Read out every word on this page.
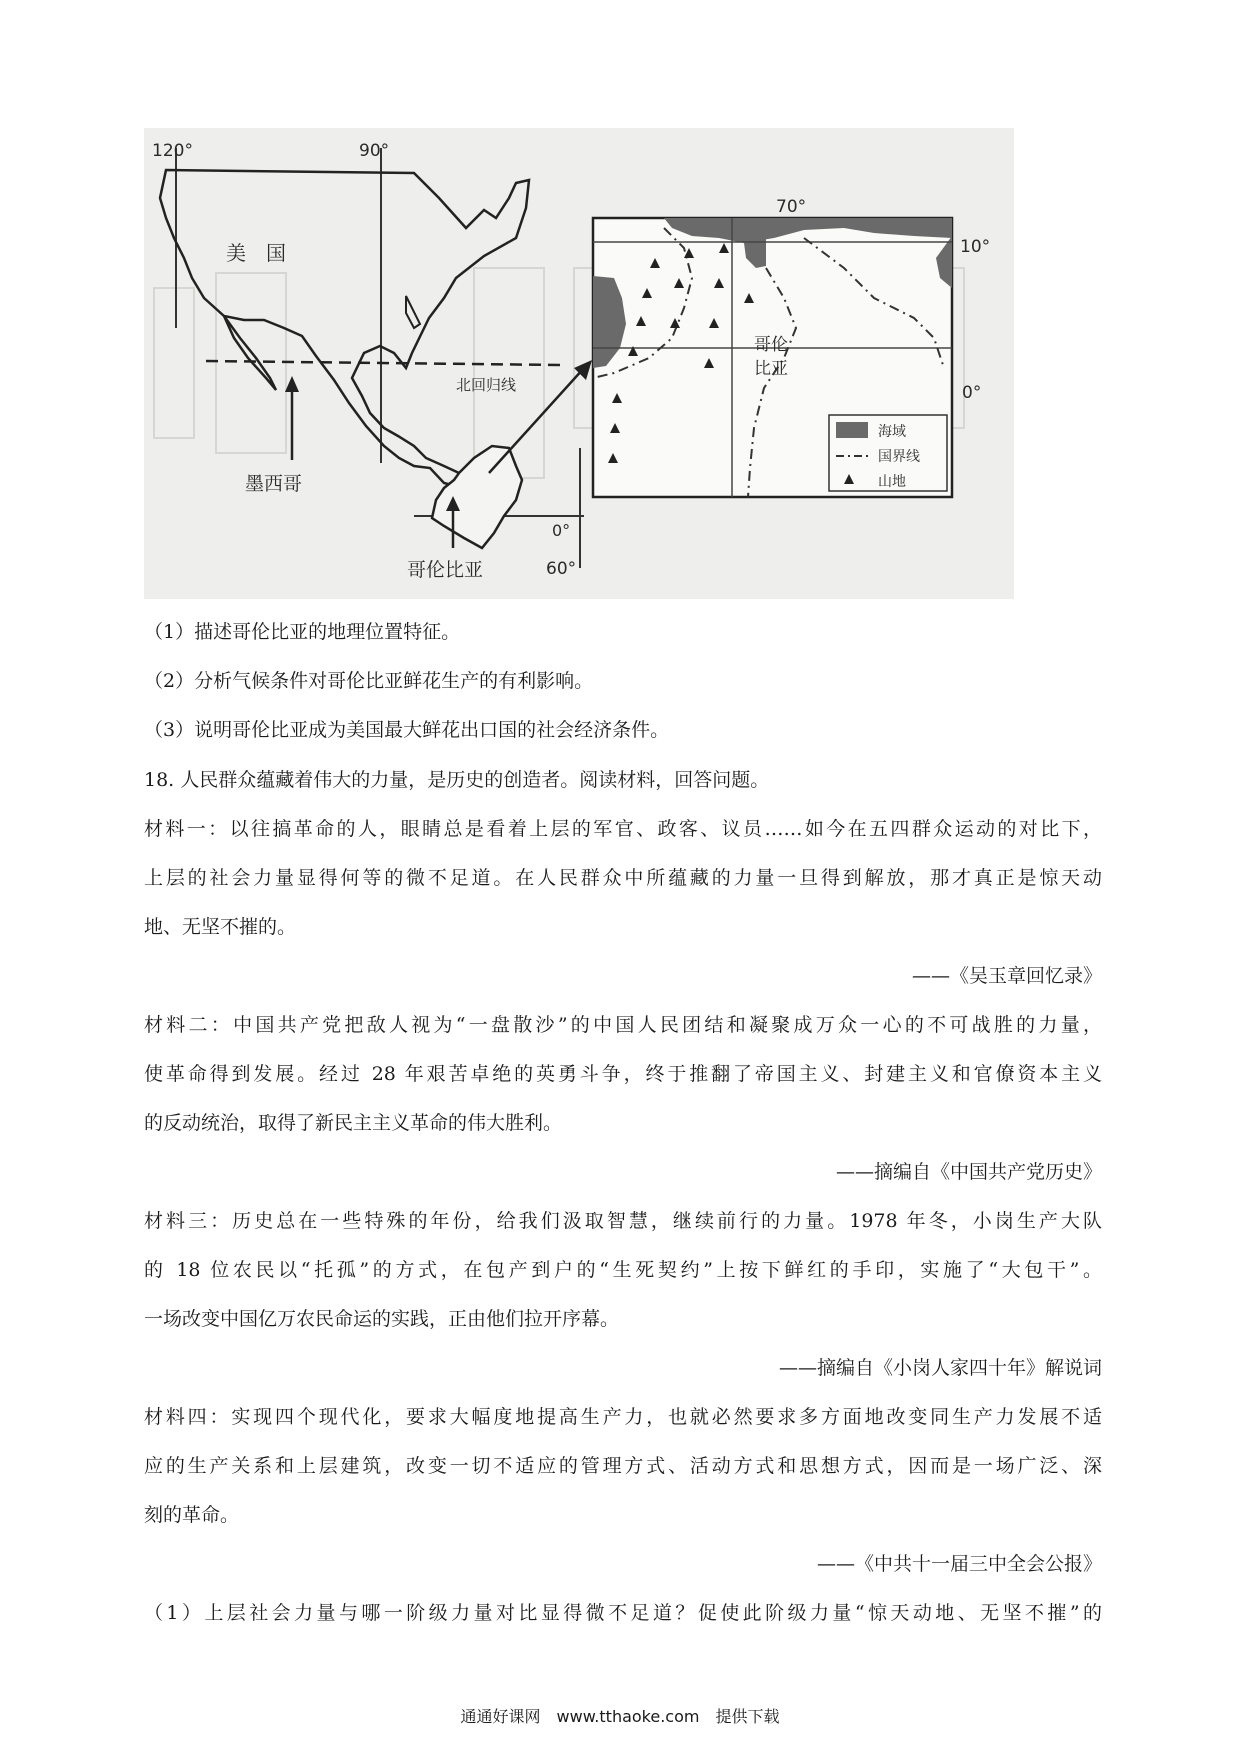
120°	90°
0°
60°
美　国
墨西哥
哥伦比亚
北回归线
海域
国界线
山地
哥伦
比亚
70°
10°
0°
（1）描述哥伦比亚的地理位置特征。
（2）分析气候条件对哥伦比亚鲜花生产的有利影响。
（3）说明哥伦比亚成为美国最大鲜花出口国的社会经济条件。
18. 人民群众蕴藏着伟大的力量，是历史的创造者。阅读材料，回答问题。
材料一：以往搞革命的人，眼睛总是看着上层的军官、政客、议员……如今在五四群众运动的对比下，
上层的社会力量显得何等的微不足道。在人民群众中所蕴藏的力量一旦得到解放，那才真正是惊天动
地、无坚不摧的。
——《吴玉章回忆录》
材料二：中国共产党把敌人视为“一盘散沙”的中国人民团结和凝聚成万众一心的不可战胜的力量，
使革命得到发展。经过 28 年艰苦卓绝的英勇斗争，终于推翻了帝国主义、封建主义和官僚资本主义
的反动统治，取得了新民主主义革命的伟大胜利。
——摘编自《中国共产党历史》
材料三：历史总在一些特殊的年份，给我们汲取智慧，继续前行的力量。1978 年冬，小岗生产大队
的 18 位农民以“托孤”的方式，在包产到户的“生死契约”上按下鲜红的手印，实施了“大包干”。
一场改变中国亿万农民命运的实践，正由他们拉开序幕。
——摘编自《小岗人家四十年》解说词
材料四：实现四个现代化，要求大幅度地提高生产力，也就必然要求多方面地改变同生产力发展不适
应的生产关系和上层建筑，改变一切不适应的管理方式、活动方式和思想方式，因而是一场广泛、深
刻的革命。
——《中共十一届三中全会公报》
（1）上层社会力量与哪一阶级力量对比显得微不足道？促使此阶级力量“惊天动地、无坚不摧”的
通通好课网　www.tthaoke.com　提供下载
